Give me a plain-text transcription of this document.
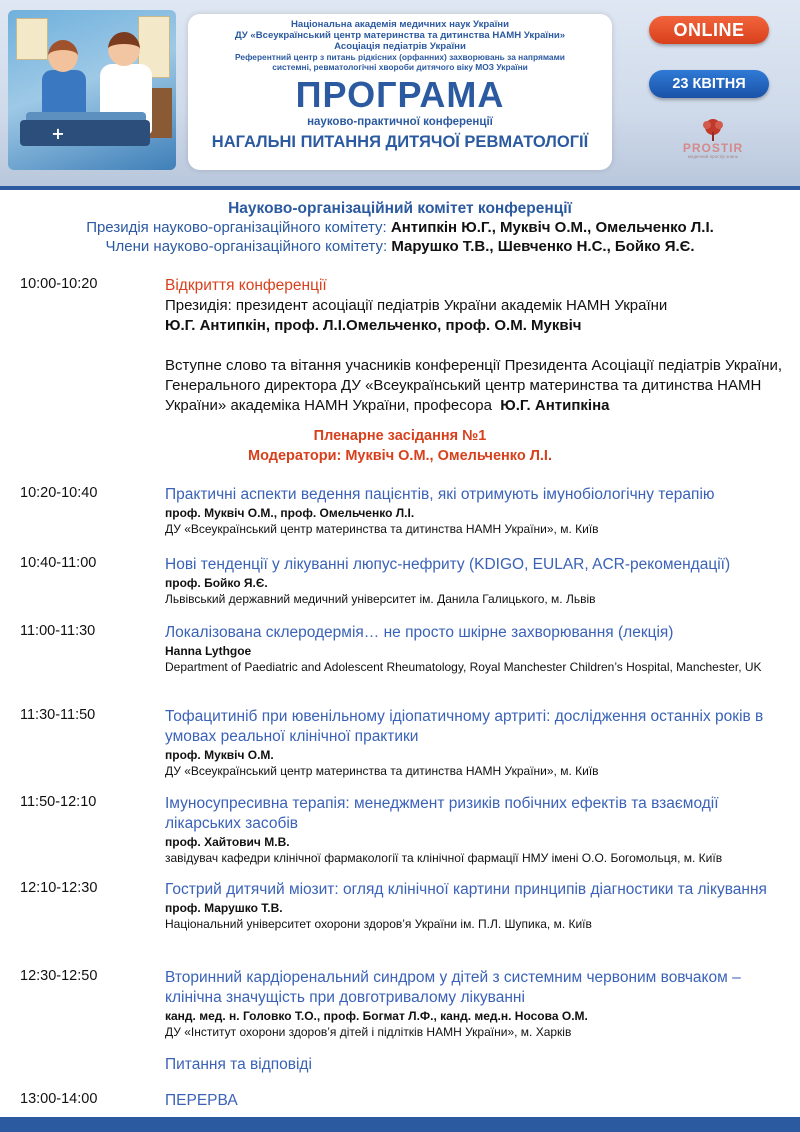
+

Національна академія медичних наук України

ДУ «Всеукраїнський центр материнства та дитинства НАМН України»

Асоціація педіатрів України

Референтний центр з питань рідкісних (орфанних) захворювань за напрямами

системні, ревматологічні хвороби дитячого віку МОЗ України

ПРОГРАМА
науково-практичної конференції
НАГАЛЬНІ ПИТАННЯ ДИТЯЧОЇ РЕВМАТОЛОГІЇ
ONLINE
23 КВІТНЯ
PROSTIR
медичний простір знань
Науково-організаційний комітет конференції
Президія науково-організаційного комітету: Антипкін Ю.Г., Муквіч О.М., Омельченко Л.І.
Члени науково-організаційного комітету: Марушко Т.В., Шевченко Н.С., Бойко Я.Є.
10:00-10:20	Відкриття конференції
Президія: президент асоціації педіатрів України академік НАМН України
Ю.Г. Антипкін, проф. Л.І.Омельченко, проф. О.М. Муквіч
Вступне слово та вітання учасників конференції Президента Асоціації педіатрів України, Генерального директора ДУ «Всеукраїнський центр материнства та дитинства НАМН України» академіка НАМН України, професора Ю.Г. Антипкіна
Пленарне засідання №1
Модератори: Муквіч О.М., Омельченко Л.І.
10:20-10:40	Практичні аспекти ведення пацієнтів, які отримують імунобіологічну терапію
проф. Муквіч О.М., проф. Омельченко Л.І.
ДУ «Всеукраїнський центр материнства та дитинства НАМН України», м. Київ
10:40-11:00	Нові тенденції у лікуванні люпус-нефриту (KDIGO, EULAR, ACR-рекомендації)
проф. Бойко Я.Є.
Львівський державний медичний університет ім. Данила Галицького, м. Львів
11:00-11:30	Локалізована склеродермія… не просто шкірне захворювання (лекція)
Hanna Lythgoe
Department of Paediatric and Adolescent Rheumatology, Royal Manchester Children’s Hospital, Manchester, UK
11:30-11:50	Тофацитиніб при ювенільному ідіопатичному артриті: дослідження останніх років в умовах реальної клінічної практики
проф. Муквіч О.М.
ДУ «Всеукраїнський центр материнства та дитинства НАМН України», м. Київ
11:50-12:10	Імуносупресивна терапія: менеджмент ризиків побічних ефектів та взаємодії лікарських засобів
проф. Хайтович М.В.
завідувач кафедри клінічної фармакології та клінічної фармації НМУ імені О.О. Богомольця, м. Київ
12:10-12:30	Гострий дитячий міозит: огляд клінічної картини принципів діагностики та лікування
проф. Марушко Т.В.
Національний університет охорони здоров’я України ім. П.Л. Шупика, м. Київ
12:30-12:50	Вторинний кардіоренальний синдром у дітей з системним червоним вовчаком – клінічна значущість при довготривалому лікуванні
канд. мед. н. Головко Т.О., проф. Богмат Л.Ф., канд. мед.н. Носова О.М.
ДУ «Інститут охорони здоров’я дітей і підлітків НАМН України», м. Харків
Питання та відповіді
13:00-14:00	ПЕРЕРВА
